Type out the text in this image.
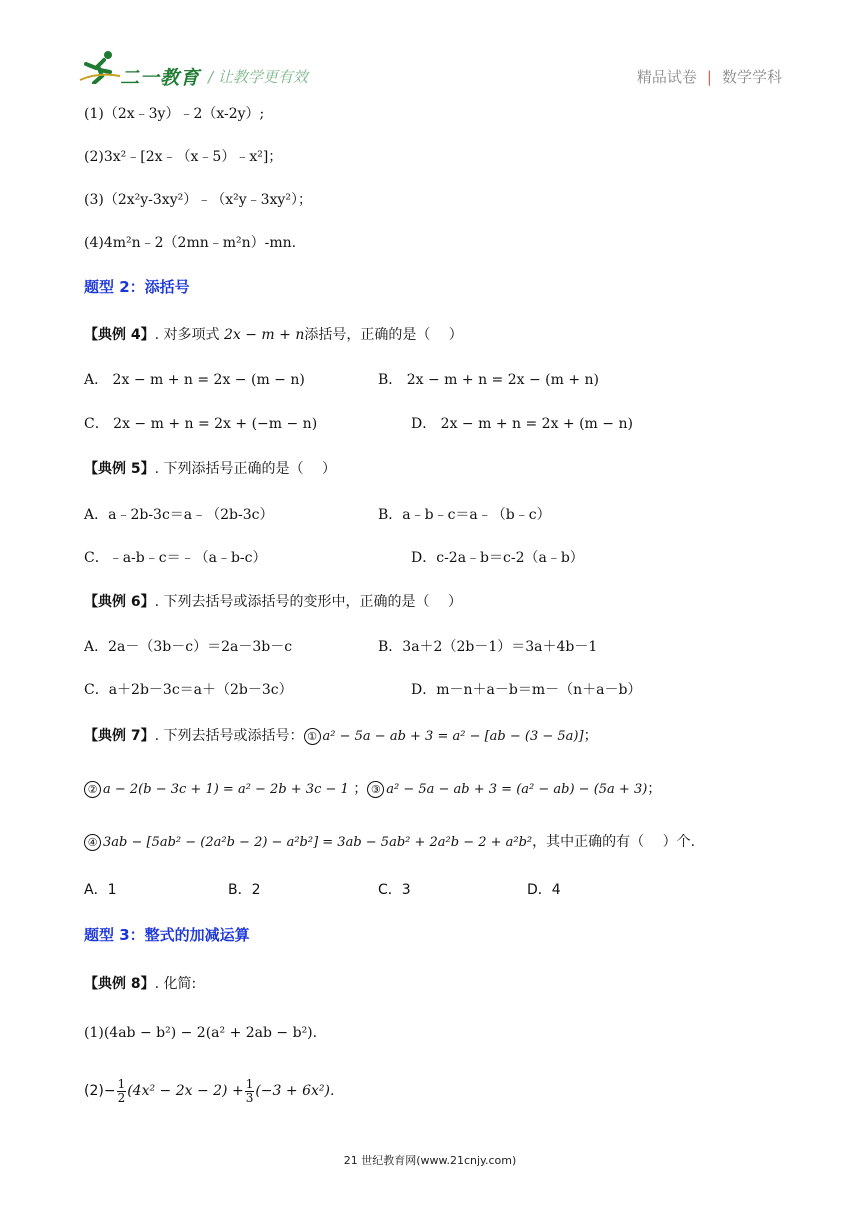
二一教育 / 让教学更有效	精品试卷 | 数学学科
(1)（2x﹣3y）﹣2（x-2y）;
(2)3x²﹣[2x﹣（x﹣5）﹣x²]；
(3)（2x²y-3xy²）﹣（x²y﹣3xy²）；
(4)4m²n﹣2（2mn﹣m²n）-mn.
题型 2：添括号
【典例 4】. 对多项式 2x − m + n添括号，正确的是（　 ）
A． 2x − m + n = 2x − (m − n)	B． 2x − m + n = 2x − (m + n)
C． 2x − m + n = 2x + (−m − n)	D． 2x − m + n = 2x + (m − n)
【典例 5】. 下列添括号正确的是（　 ）
A．a﹣2b-3c＝a﹣（2b-3c）	B．a﹣b﹣c＝a﹣（b﹣c）
C．﹣a-b﹣c＝﹣（a﹣b-c）	D．c-2a﹣b＝c-2（a﹣b）
【典例 6】. 下列去括号或添括号的变形中，正确的是（　 ）
A．2a－（3b－c）＝2a－3b－c	B．3a＋2（2b－1）＝3a＋4b－1
C．a＋2b－3c＝a＋（2b－3c）	D．m－n＋a－b＝m－（n＋a－b）
【典例 7】. 下列去括号或添括号： ① a² − 5a − ab + 3 = a² − [ab − (3 − 5a)]；
② a − 2(b − 3c + 1) = a² − 2b + 3c − 1 ； ③ a² − 5a − ab + 3 = (a² − ab) − (5a + 3)；
④ 3ab − [5ab² − (2a²b − 2) − a²b²] = 3ab − 5ab² + 2a²b − 2 + a²b²，其中正确的有（　 ）个.
A．1	B．2	C．3	D．4
题型 3：整式的加减运算
【典例 8】. 化简:
(1)(4ab − b²) − 2(a² + 2ab − b²).
$(2)- \frac{1}{2} (4x^2 - 2x - 2) + \frac{1}{3} (-3 + 6x^2)$.
21 世纪教育网(www.21cnjy.com)
